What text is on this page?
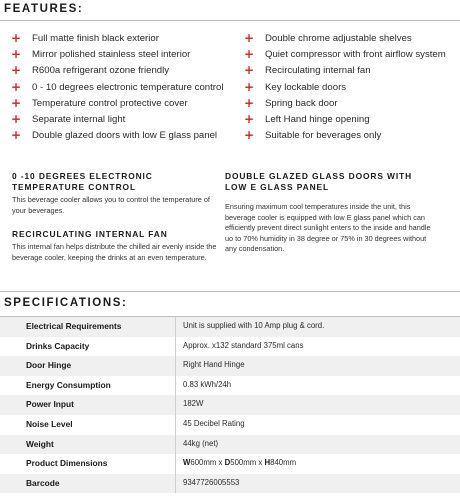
FEATURES:
+ Full matte finish black exterior
+ Mirror polished stainless steel interior
+ R600a refrigerant ozone friendly
+ 0 - 10 degrees electronic temperature control
+ Temperature control protective cover
+ Separate internal light
+ Double glazed doors with low E glass panel
+ Double chrome adjustable shelves
+ Quiet compressor with front airflow system
+ Recirculating internal fan
+ Key lockable doors
+ Spring back door
+ Left Hand hinge opening
+ Suitable for beverages only
0 -10 DEGREES ELECTRONIC TEMPERATURE CONTROL

This beverage cooler allows you to control the temperature of your beverages.

RECIRCULATING INTERNAL FAN

This internal fan helps distribute the chilled air evenly inside the beverage cooler, keeping the drinks at an even temperature.

DOUBLE GLAZED GLASS DOORS WITH LOW E GLASS PANEL

Ensuring maximum cool temperatures inside the unit, this beverage cooler is equipped with low E glass panel which can efficiently prevent direct sunlight enters to the inside and handle uo to 70% humidity in 38 degree or 75% in 30 degrees without any condensation.

SPECIFICATIONS:
Electrical Requirements	Unit is supplied with 10 Amp plug & cord.
Drinks Capacity	Approx. x132 standard 375ml cans
Door Hinge	Right Hand Hinge
Energy Consumption	0.83 kWh/24h
Power Input	182W
Noise Level	45 Decibel Rating
Weight	44kg (net)
Product Dimensions	W600mm x D500mm x H840mm
Barcode	9347726005553
